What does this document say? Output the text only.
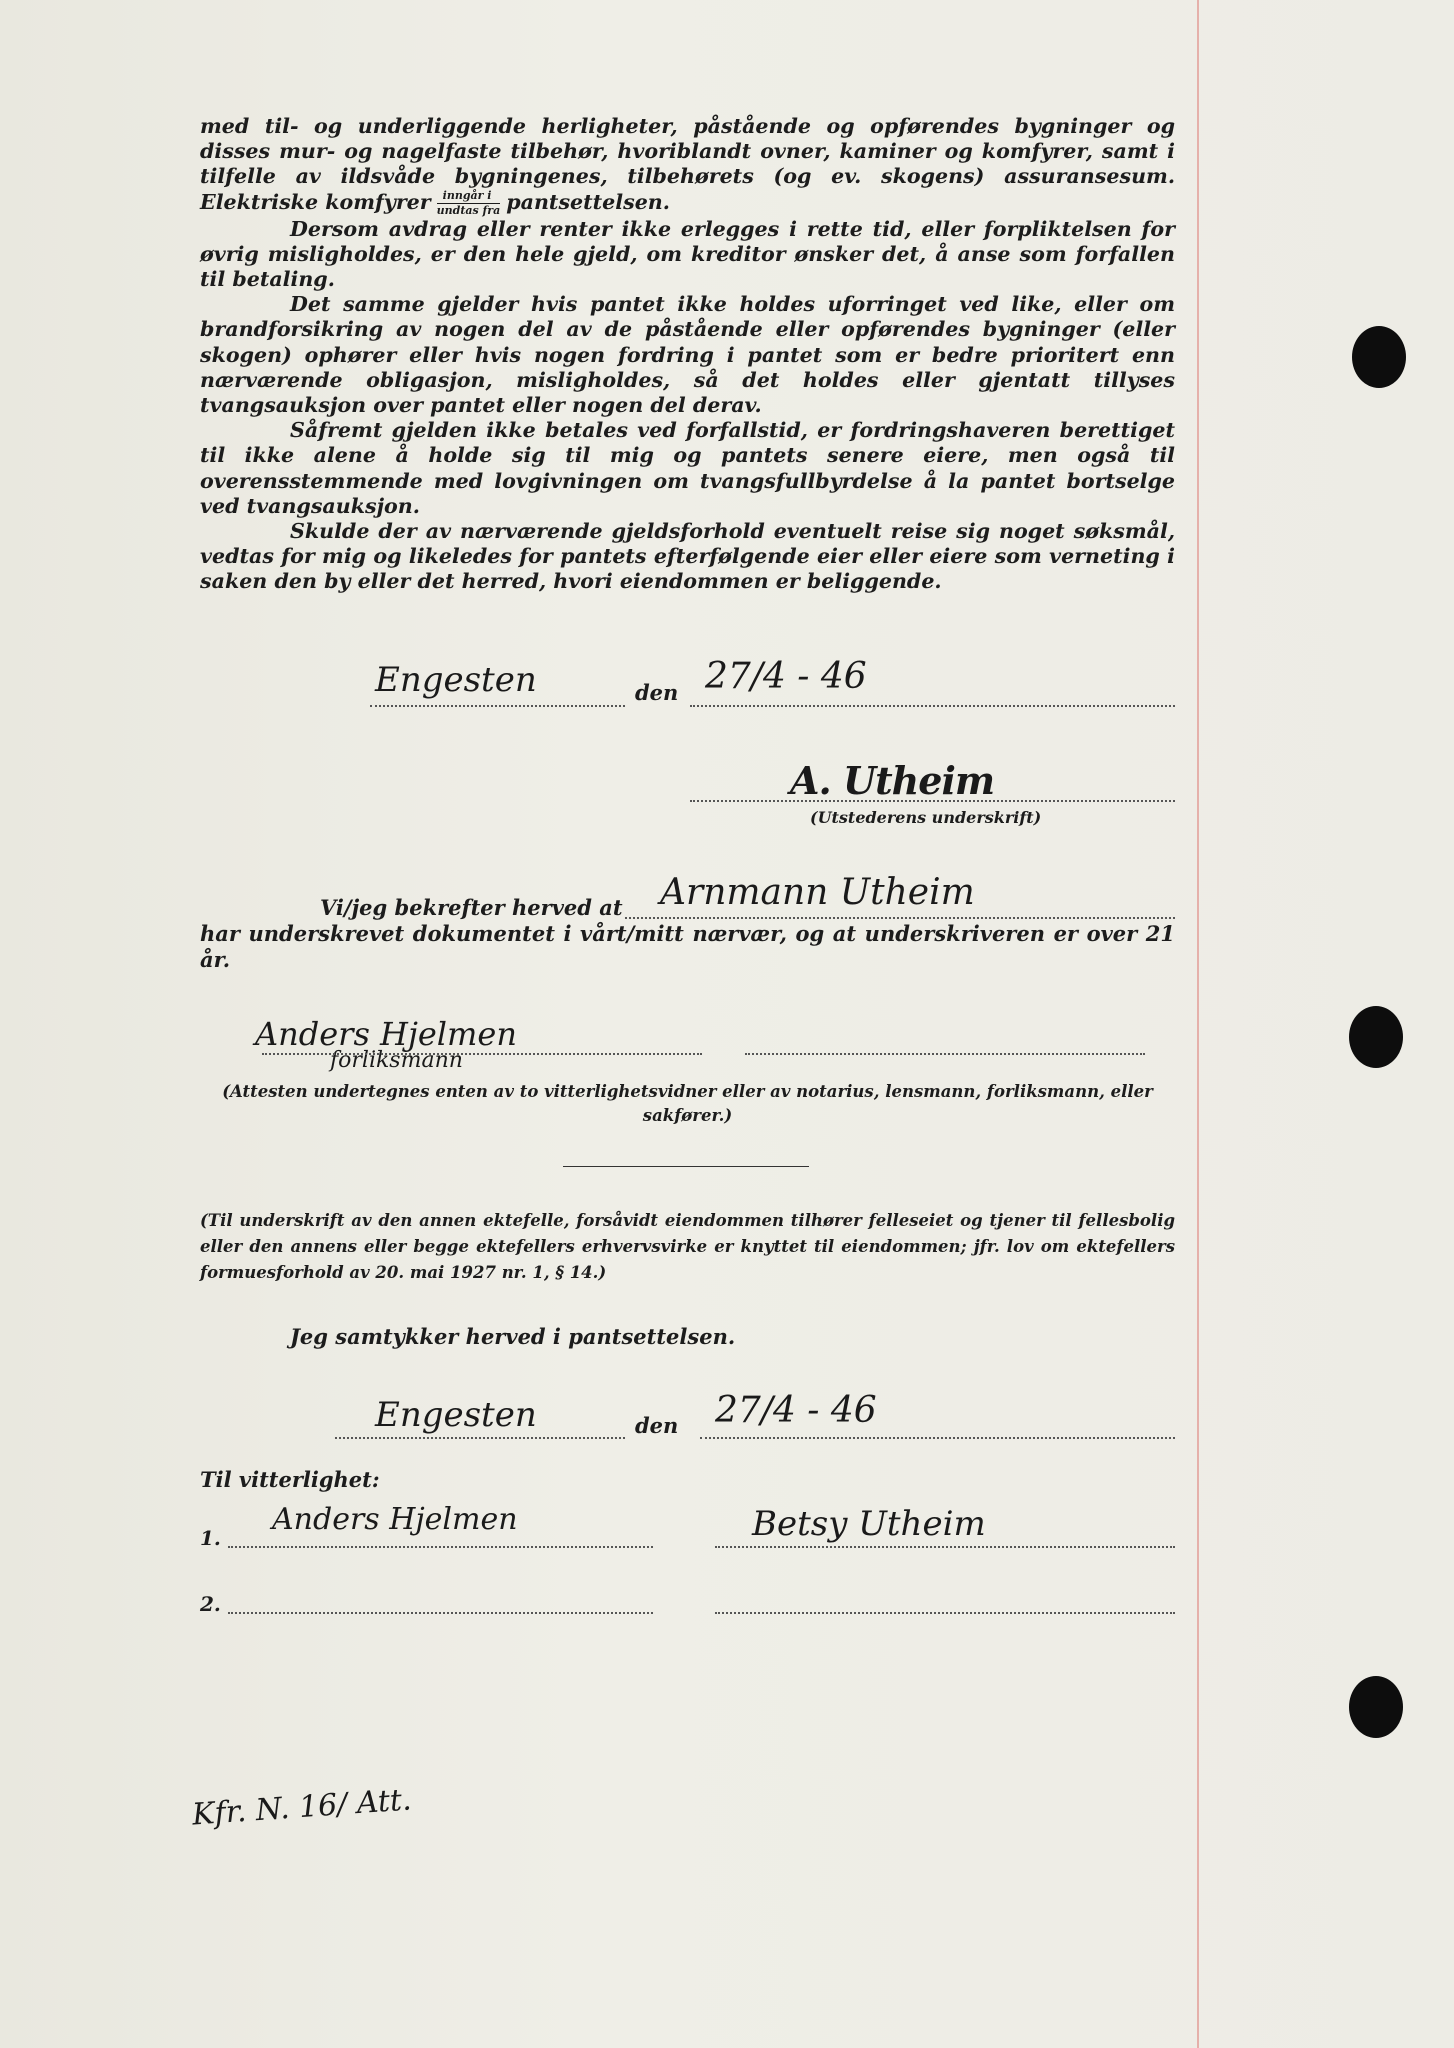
med til- og underliggende herligheter, påstående og opførendes bygninger og disses mur- og nagelfaste tilbehør, hvoriblandt ovner, kaminer og komfyrer, samt i tilfelle av ildsvåde bygningenes, tilbehørets (og ev. skogens) assuransesum. Elektriske komfyrer $\frac{\text{inngår i}}{\text{undtas fra}}$ pantsettelsen.

Dersom avdrag eller renter ikke erlegges i rette tid, eller forpliktelsen for øvrig misligholdes, er den hele gjeld, om kreditor ønsker det, å anse som forfallen til betaling.

Det samme gjelder hvis pantet ikke holdes uforringet ved like, eller om brandforsikring av nogen del av de påstående eller opførendes bygninger (eller skogen) ophører eller hvis nogen fordring i pantet som er bedre prioritert enn nærværende obligasjon, misligholdes, så det holdes eller gjentatt tillyses tvangsauksjon over pantet eller nogen del derav.

Såfremt gjelden ikke betales ved forfallstid, er fordringshaveren berettiget til ikke alene å holde sig til mig og pantets senere eiere, men også til overensstemmende med lovgivningen om tvangsfullbyrdelse å la pantet bortselge ved tvangsauksjon.

Skulde der av nærværende gjeldsforhold eventuelt reise sig noget søksmål, vedtas for mig og likeledes for pantets efterfølgende eier eller eiere som verneting i saken den by eller det herred, hvori eiendommen er beliggende.

Engesten	den 27/4 - 46
A. Utheim
(Utstederens underskrift)
Vi/jeg bekrefter herved at Arnmann Utheim
har underskrevet dokumentet i vårt/mitt nærvær, og at underskriveren er over 21 år.
Anders Hjelmen
forliksmann
(Attesten undertegnes enten av to vitterlighetsvidner eller av notarius, lensmann, forliksmann, eller sakfører.)
(Til underskrift av den annen ektefelle, forsåvidt eiendommen tilhører felleseiet og tjener til fellesbolig eller den annens eller begge ektefellers erhvervsvirke er knyttet til eiendommen; jfr. lov om ektefellers formuesforhold av 20. mai 1927 nr. 1, § 14.)
Jeg samtykker herved i pantsettelsen.
Engesten	den 27/4 - 46
Til vitterlighet:
1.
Anders Hjelmen	Betsy Utheim
2.
Kfr. N. 16/ Att.
